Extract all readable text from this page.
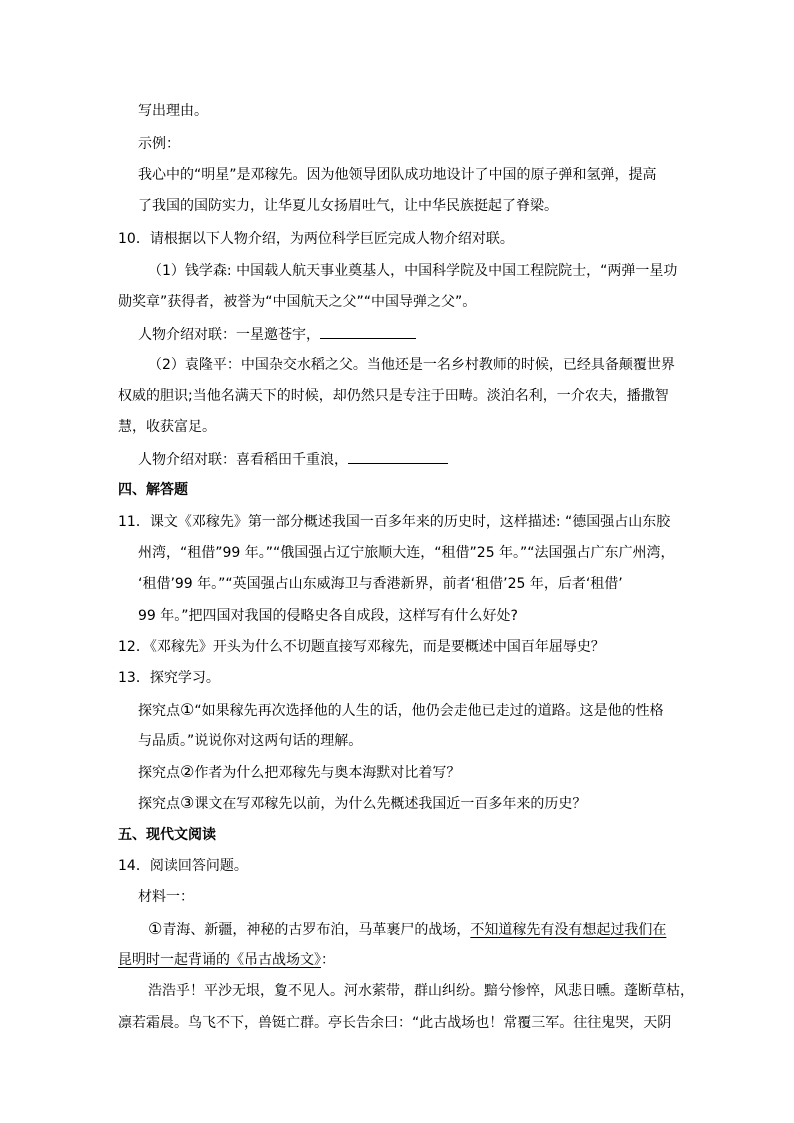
写出理由。
示例：
我心中的“明星”是邓稼先。因为他领导团队成功地设计了中国的原子弹和氢弹，提高
了我国的国防实力，让华夏儿女扬眉吐气，让中华民族挺起了脊梁。
10．请根据以下人物介绍，为两位科学巨匠完成人物介绍对联。
（1）钱学森: 中国载人航天事业奠基人，中国科学院及中国工程院院士，“两弹一星功
勋奖章”获得者，被誉为“中国航天之父”“中国导弹之父”。
人物介绍对联：一星邀苍宇，
（2）袁隆平：中国杂交水稻之父。当他还是一名乡村教师的时候，已经具备颠覆世界
权威的胆识;当他名满天下的时候，却仍然只是专注于田畴。淡泊名利，一介农夫，播撒智
慧，收获富足。
人物介绍对联：喜看稻田千重浪，
四、解答题
11．课文《邓稼先》第一部分概述我国一百多年来的历史时，这样描述: “德国强占山东胶
州湾，“租借”99 年。”“俄国强占辽宁旅顺大连，“租借”25 年。”“法国强占广东广州湾，
‘租借’99 年。”“英国强占山东威海卫与香港新界，前者‘租借’25 年，后者‘租借’
99 年。”把四国对我国的侵略史各自成段，这样写有什么好处?
12．《邓稼先》开头为什么不切题直接写邓稼先，而是要概述中国百年屈辱史？
13．探究学习。
探究点①“如果稼先再次选择他的人生的话，他仍会走他已走过的道路。这是他的性格
与品质。”说说你对这两句话的理解。
探究点②作者为什么把邓稼先与奥本海默对比着写？
探究点③课文在写邓稼先以前，为什么先概述我国近一百多年来的历史？
五、现代文阅读
14．阅读回答问题。
材料一：
①青海、新疆，神秘的古罗布泊，马革裹尸的战场，不知道稼先有没有想起过我们在
昆明时一起背诵的《吊古战场文》：
浩浩乎！平沙无垠，夐不见人。河水萦带，群山纠纷。黯兮惨悴，风悲日曛。蓬断草枯，
凛若霜晨。鸟飞不下，兽铤亡群。亭长告余曰：“此古战场也！常覆三军。往往鬼哭，天阴
